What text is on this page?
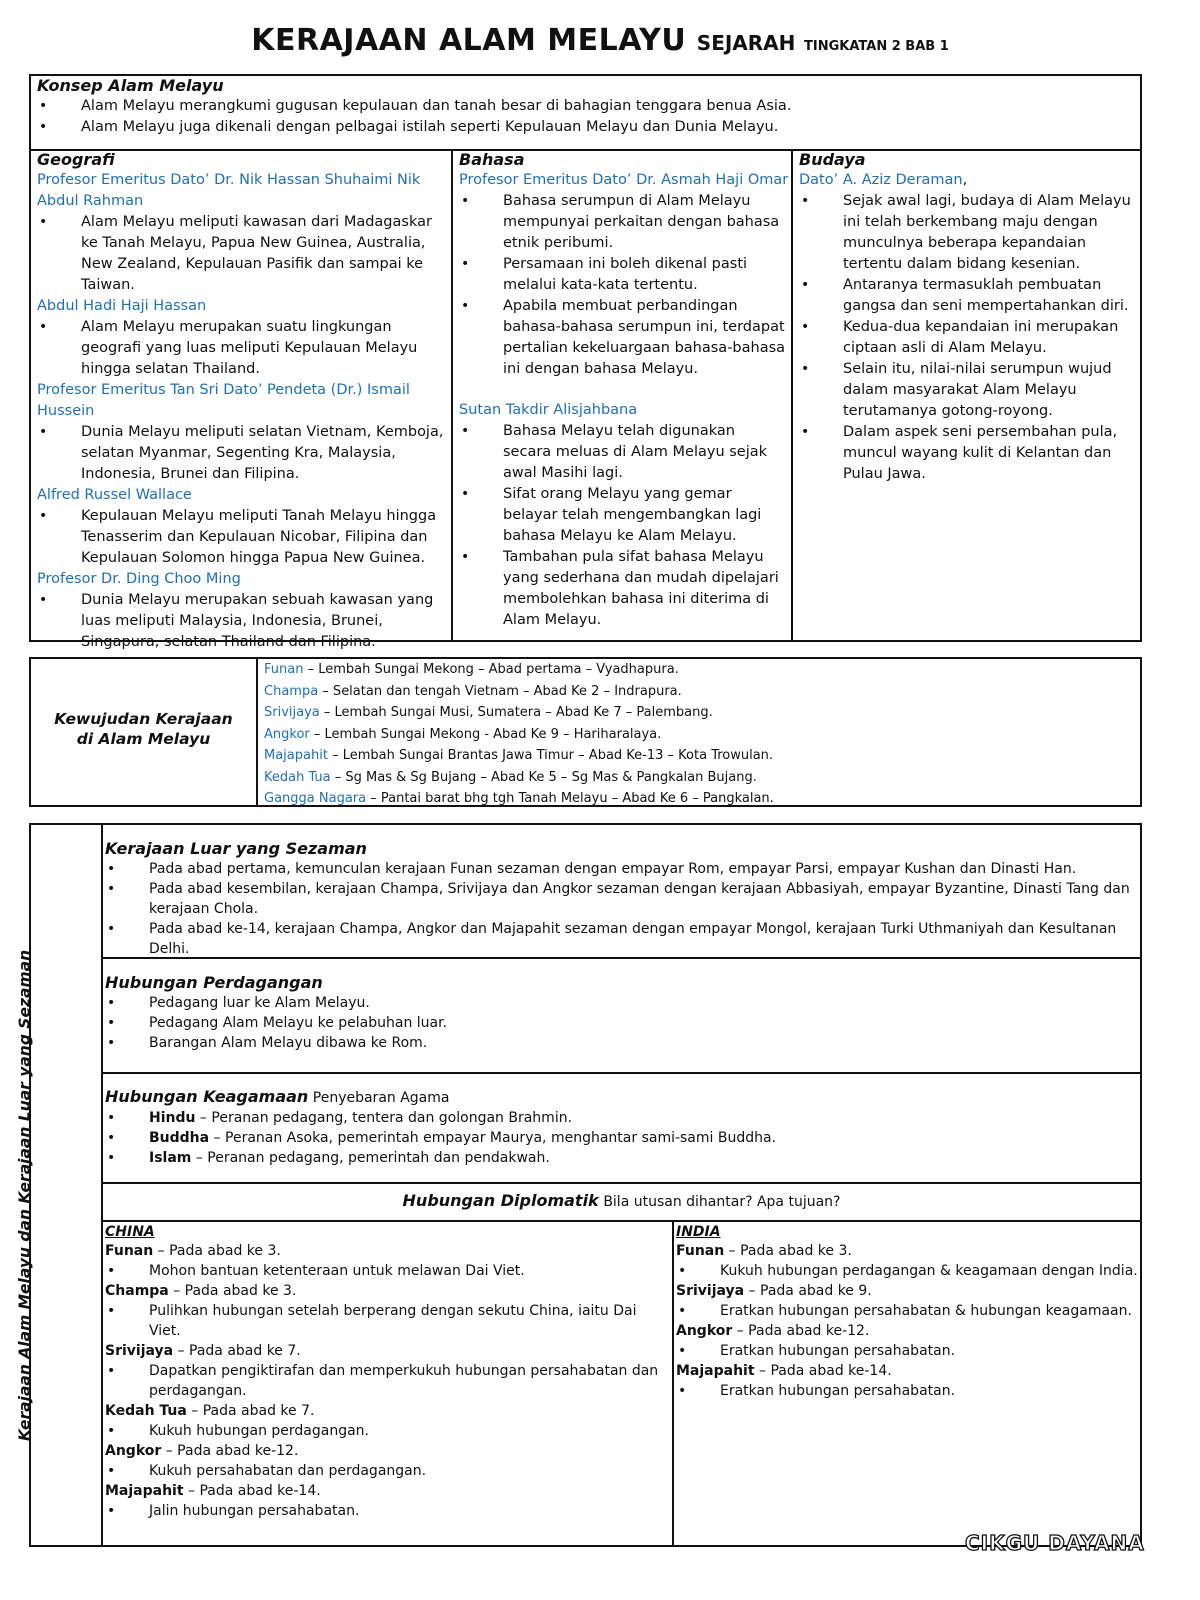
KERAJAAN ALAM MELAYU SEJARAH TINGKATAN 2 BAB 1
Konsep Alam Melayu
• Alam Melayu merangkumi gugusan kepulauan dan tanah besar di bahagian tenggara benua Asia.
• Alam Melayu juga dikenali dengan pelbagai istilah seperti Kepulauan Melayu dan Dunia Melayu.
Geografi
Profesor Emeritus Dato’ Dr. Nik Hassan Shuhaimi Nik Abdul Rahman
• Alam Melayu meliputi kawasan dari Madagaskar ke Tanah Melayu, Papua New Guinea, Australia, New Zealand, Kepulauan Pasifik dan sampai ke Taiwan.
Abdul Hadi Haji Hassan
• Alam Melayu merupakan suatu lingkungan geografi yang luas meliputi Kepulauan Melayu hingga selatan Thailand.
Profesor Emeritus Tan Sri Dato’ Pendeta (Dr.) Ismail Hussein
• Dunia Melayu meliputi selatan Vietnam, Kemboja, selatan Myanmar, Segenting Kra, Malaysia, Indonesia, Brunei dan Filipina.
Alfred Russel Wallace
• Kepulauan Melayu meliputi Tanah Melayu hingga Tenasserim dan Kepulauan Nicobar, Filipina dan Kepulauan Solomon hingga Papua New Guinea.
Profesor Dr. Ding Choo Ming
• Dunia Melayu merupakan sebuah kawasan yang luas meliputi Malaysia, Indonesia, Brunei, Singapura, selatan Thailand dan Filipina.
Bahasa
Profesor Emeritus Dato’ Dr. Asmah Haji Omar
• Bahasa serumpun di Alam Melayu mempunyai perkaitan dengan bahasa etnik peribumi.
• Persamaan ini boleh dikenal pasti melalui kata-kata tertentu.
• Apabila membuat perbandingan bahasa-bahasa serumpun ini, terdapat pertalian kekeluargaan bahasa-bahasa ini dengan bahasa Melayu.
Sutan Takdir Alisjahbana
• Bahasa Melayu telah digunakan secara meluas di Alam Melayu sejak awal Masihi lagi.
• Sifat orang Melayu yang gemar belayar telah mengembangkan lagi bahasa Melayu ke Alam Melayu.
• Tambahan pula sifat bahasa Melayu yang sederhana dan mudah dipelajari membolehkan bahasa ini diterima di Alam Melayu.
Budaya
Dato’ A. Aziz Deraman,
• Sejak awal lagi, budaya di Alam Melayu ini telah berkembang maju dengan munculnya beberapa kepandaian tertentu dalam bidang kesenian.
• Antaranya termasuklah pembuatan gangsa dan seni mempertahankan diri.
• Kedua-dua kepandaian ini merupakan ciptaan asli di Alam Melayu.
• Selain itu, nilai-nilai serumpun wujud dalam masyarakat Alam Melayu terutamanya gotong-royong.
• Dalam aspek seni persembahan pula, muncul wayang kulit di Kelantan dan Pulau Jawa.
Kewujudan Kerajaan
di Alam Melayu

Funan – Lembah Sungai Mekong – Abad pertama – Vyadhapura.

Champa – Selatan dan tengah Vietnam – Abad Ke 2 – Indrapura.

Srivijaya – Lembah Sungai Musi, Sumatera – Abad Ke 7 – Palembang.

Angkor – Lembah Sungai Mekong - Abad Ke 9 – Hariharalaya.

Majapahit – Lembah Sungai Brantas Jawa Timur – Abad Ke-13 – Kota Trowulan.

Kedah Tua – Sg Mas & Sg Bujang – Abad Ke 5 – Sg Mas & Pangkalan Bujang.

Gangga Nagara – Pantai barat bhg tgh Tanah Melayu – Abad Ke 6 – Pangkalan.

Kerajaan Luar yang Sezaman
• Pada abad pertama, kemunculan kerajaan Funan sezaman dengan empayar Rom, empayar Parsi, empayar Kushan dan Dinasti Han.
• Pada abad kesembilan, kerajaan Champa, Srivijaya dan Angkor sezaman dengan kerajaan Abbasiyah, empayar Byzantine, Dinasti Tang dan kerajaan Chola.
• Pada abad ke-14, kerajaan Champa, Angkor dan Majapahit sezaman dengan empayar Mongol, kerajaan Turki Uthmaniyah dan Kesultanan Delhi.
Hubungan Perdagangan
• Pedagang luar ke Alam Melayu.
• Pedagang Alam Melayu ke pelabuhan luar.
• Barangan Alam Melayu dibawa ke Rom.
Hubungan Keagamaan Penyebaran Agama
• Hindu – Peranan pedagang, tentera dan golongan Brahmin.
• Buddha – Peranan Asoka, pemerintah empayar Maurya, menghantar sami-sami Buddha.
• Islam – Peranan pedagang, pemerintah dan pendakwah.
Hubungan Diplomatik Bila utusan dihantar? Apa tujuan?
CHINA
Funan – Pada abad ke 3.
• Mohon bantuan ketenteraan untuk melawan Dai Viet.
Champa – Pada abad ke 3.
• Pulihkan hubungan setelah berperang dengan sekutu China, iaitu Dai Viet.
Srivijaya – Pada abad ke 7.
• Dapatkan pengiktirafan dan memperkukuh hubungan persahabatan dan perdagangan.
Kedah Tua – Pada abad ke 7.
• Kukuh hubungan perdagangan.
Angkor – Pada abad ke-12.
• Kukuh persahabatan dan perdagangan.
Majapahit – Pada abad ke-14.
• Jalin hubungan persahabatan.
INDIA
Funan – Pada abad ke 3.
• Kukuh hubungan perdagangan & keagamaan dengan India.
Srivijaya – Pada abad ke 9.
• Eratkan hubungan persahabatan & hubungan keagamaan.
Angkor – Pada abad ke-12.
• Eratkan hubungan persahabatan.
Majapahit – Pada abad ke-14.
• Eratkan hubungan persahabatan.
Kerajaan Alam Melayu dan Kerajaan Luar yang Sezaman
CIKGU DAYANA
